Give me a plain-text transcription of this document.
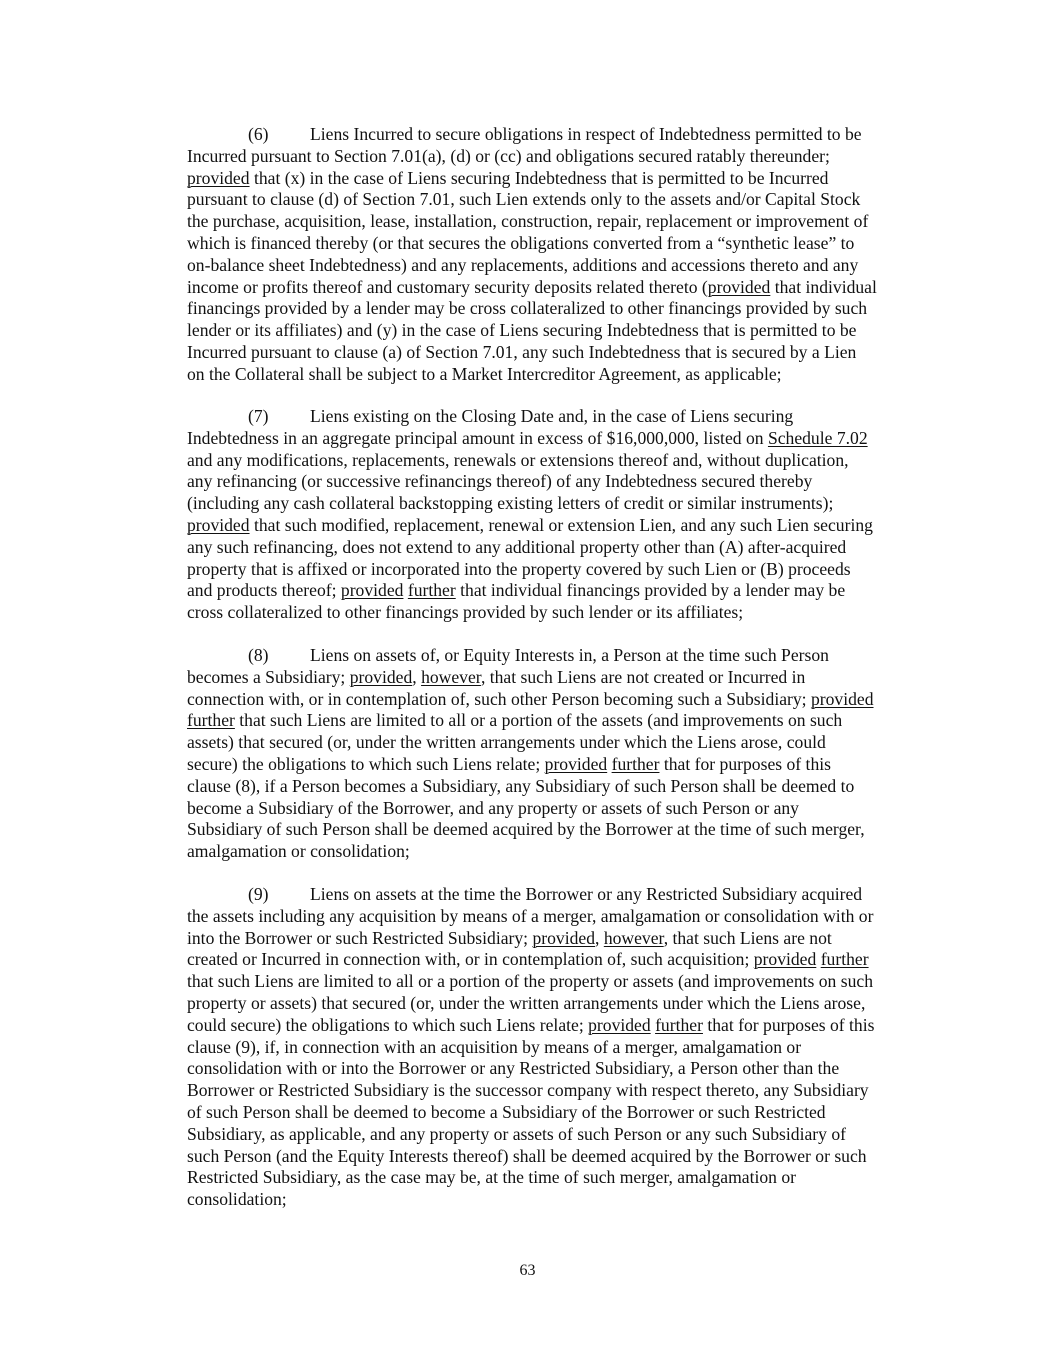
(6) Liens Incurred to secure obligations in respect of Indebtedness permitted to be
Incurred pursuant to Section 7.01(a), (d) or (cc) and obligations secured ratably thereunder;
provided that (x) in the case of Liens securing Indebtedness that is permitted to be Incurred
pursuant to clause (d) of Section 7.01, such Lien extends only to the assets and/or Capital Stock
the purchase, acquisition, lease, installation, construction, repair, replacement or improvement of
which is financed thereby (or that secures the obligations converted from a “synthetic lease” to
on-balance sheet Indebtedness) and any replacements, additions and accessions thereto and any
income or profits thereof and customary security deposits related thereto (provided that individual
financings provided by a lender may be cross collateralized to other financings provided by such
lender or its affiliates) and (y) in the case of Liens securing Indebtedness that is permitted to be
Incurred pursuant to clause (a) of Section 7.01, any such Indebtedness that is secured by a Lien
on the Collateral shall be subject to a Market Intercreditor Agreement, as applicable;
(7) Liens existing on the Closing Date and, in the case of Liens securing
Indebtedness in an aggregate principal amount in excess of $16,000,000, listed on Schedule 7.02
and any modifications, replacements, renewals or extensions thereof and, without duplication,
any refinancing (or successive refinancings thereof) of any Indebtedness secured thereby
(including any cash collateral backstopping existing letters of credit or similar instruments);
provided that such modified, replacement, renewal or extension Lien, and any such Lien securing
any such refinancing, does not extend to any additional property other than (A) after-acquired
property that is affixed or incorporated into the property covered by such Lien or (B) proceeds
and products thereof; provided further that individual financings provided by a lender may be
cross collateralized to other financings provided by such lender or its affiliates;
(8) Liens on assets of, or Equity Interests in, a Person at the time such Person
becomes a Subsidiary; provided, however, that such Liens are not created or Incurred in
connection with, or in contemplation of, such other Person becoming such a Subsidiary; provided
further that such Liens are limited to all or a portion of the assets (and improvements on such
assets) that secured (or, under the written arrangements under which the Liens arose, could
secure) the obligations to which such Liens relate; provided further that for purposes of this
clause (8), if a Person becomes a Subsidiary, any Subsidiary of such Person shall be deemed to
become a Subsidiary of the Borrower, and any property or assets of such Person or any
Subsidiary of such Person shall be deemed acquired by the Borrower at the time of such merger,
amalgamation or consolidation;
(9) Liens on assets at the time the Borrower or any Restricted Subsidiary acquired
the assets including any acquisition by means of a merger, amalgamation or consolidation with or
into the Borrower or such Restricted Subsidiary; provided, however, that such Liens are not
created or Incurred in connection with, or in contemplation of, such acquisition; provided further
that such Liens are limited to all or a portion of the property or assets (and improvements on such
property or assets) that secured (or, under the written arrangements under which the Liens arose,
could secure) the obligations to which such Liens relate; provided further that for purposes of this
clause (9), if, in connection with an acquisition by means of a merger, amalgamation or
consolidation with or into the Borrower or any Restricted Subsidiary, a Person other than the
Borrower or Restricted Subsidiary is the successor company with respect thereto, any Subsidiary
of such Person shall be deemed to become a Subsidiary of the Borrower or such Restricted
Subsidiary, as applicable, and any property or assets of such Person or any such Subsidiary of
such Person (and the Equity Interests thereof) shall be deemed acquired by the Borrower or such
Restricted Subsidiary, as the case may be, at the time of such merger, amalgamation or
consolidation;
63
